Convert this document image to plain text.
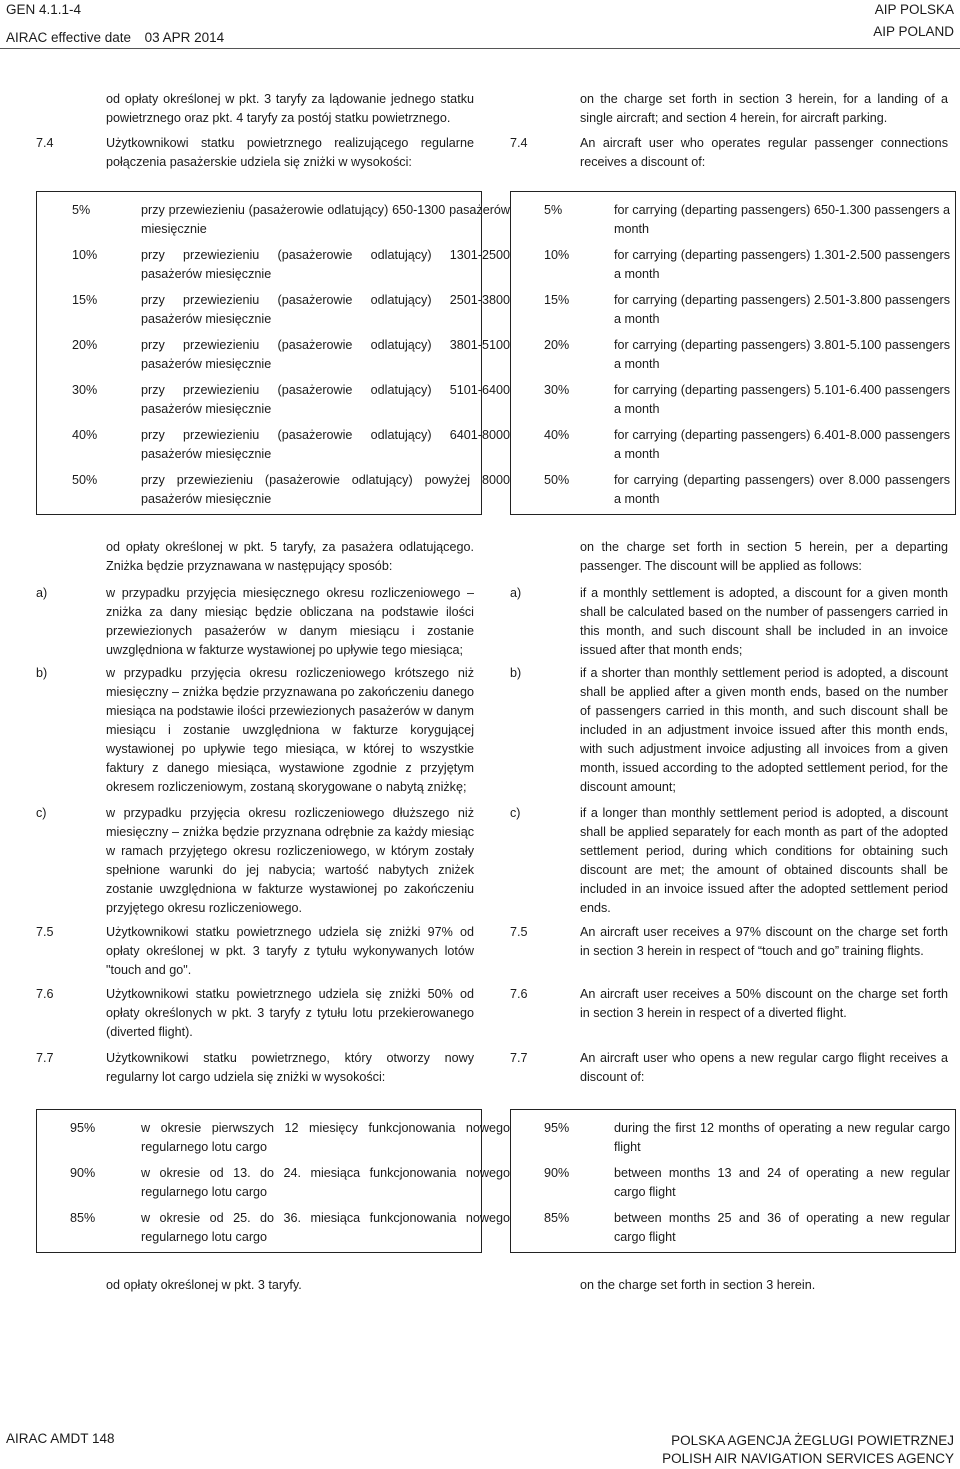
GEN 4.1.1-4
AIRAC effective date 03 APR 2014
AIP POLSKA
AIP POLAND
od opłaty określonej w pkt. 3 taryfy za lądowanie jednego statku powietrznego oraz pkt. 4 taryfy za postój statku powietrznego.
on the charge set forth in section 3 herein, for a landing of a single aircraft; and section 4 herein, for aircraft parking.
7.4	Użytkownikowi statku powietrznego realizującego regularne połączenia pasażerskie udziela się zniżki w wysokości:
7.4	An aircraft user who operates regular passenger connections receives a discount of:
5%	przy przewiezieniu (pasażerowie odlatujący) 650-1300 pasażerów miesięcznie
10%	przy przewiezieniu (pasażerowie odlatujący) 1301-2500 pasażerów miesięcznie
15%	przy przewiezieniu (pasażerowie odlatujący) 2501-3800 pasażerów miesięcznie
20%	przy przewiezieniu (pasażerowie odlatujący) 3801-5100 pasażerów miesięcznie
30%	przy przewiezieniu (pasażerowie odlatujący) 5101-6400 pasażerów miesięcznie
40%	przy przewiezieniu (pasażerowie odlatujący) 6401-8000 pasażerów miesięcznie
50%	przy przewiezieniu (pasażerowie odlatujący) powyżej 8000 pasażerów miesięcznie
5%	for carrying (departing passengers) 650-1.300 passengers a month
10%	for carrying (departing passengers) 1.301-2.500 passengers a month
15%	for carrying (departing passengers) 2.501-3.800 passengers a month
20%	for carrying (departing passengers) 3.801-5.100 passengers a month
30%	for carrying (departing passengers) 5.101-6.400 passengers a month
40%	for carrying (departing passengers) 6.401-8.000 passengers a month
50%	for carrying (departing passengers) over 8.000 passengers a month
od opłaty określonej w pkt. 5 taryfy, za pasażera odlatującego. Zniżka będzie przyznawana w następujący sposób:
on the charge set forth in section 5 herein, per a departing passenger. The discount will be applied as follows:
a)	w przypadku przyjęcia miesięcznego okresu rozliczeniowego – zniżka za dany miesiąc będzie obliczana na podstawie ilości przewiezionych pasażerów w danym miesiącu i zostanie uwzględniona w fakturze wystawionej po upływie tego miesiąca;
b)	w przypadku przyjęcia okresu rozliczeniowego krótszego niż miesięczny – zniżka będzie przyznawana po zakończeniu danego miesiąca na podstawie ilości przewiezionych pasażerów w danym miesiącu i zostanie uwzględniona w fakturze korygującej wystawionej po upływie tego miesiąca, w której to wszystkie faktury z danego miesiąca, wystawione zgodnie z przyjętym okresem rozliczeniowym, zostaną skorygowane o nabytą zniżkę;
c)	w przypadku przyjęcia okresu rozliczeniowego dłuższego niż miesięczny – zniżka będzie przyznana odrębnie za każdy miesiąc w ramach przyjętego okresu rozliczeniowego, w którym zostały spełnione warunki do jej nabycia; wartość nabytych zniżek zostanie uwzględniona w fakturze wystawionej po zakończeniu przyjętego okresu rozliczeniowego.
7.5	Użytkownikowi statku powietrznego udziela się zniżki 97% od opłaty określonej w pkt. 3 taryfy z tytułu wykonywanych lotów "touch and go".
7.6	Użytkownikowi statku powietrznego udziela się zniżki 50% od opłaty określonych w pkt. 3 taryfy z tytułu lotu przekierowanego (diverted flight).
7.7	Użytkownikowi statku powietrznego, który otworzy nowy regularny lot cargo udziela się zniżki w wysokości:
a)	if a monthly settlement is adopted, a discount for a given month shall be calculated based on the number of passengers carried in this month, and such discount shall be included in an invoice issued after that month ends;
b)	if a shorter than monthly settlement period is adopted, a discount shall be applied after a given month ends, based on the number of passengers carried in this month, and such discount shall be included in an adjustment invoice issued after this month ends, with such adjustment invoice adjusting all invoices from a given month, issued according to the adopted settlement period, for the discount amount;
c)	if a longer than monthly settlement period is adopted, a discount shall be applied separately for each month as part of the adopted settlement period, during which conditions for obtaining such discount are met; the amount of obtained discounts shall be included in an invoice issued after the adopted settlement period ends.
7.5	An aircraft user receives a 97% discount on the charge set forth in section 3 herein in respect of “touch and go” training flights.
7.6	An aircraft user receives a 50% discount on the charge set forth in section 3 herein in respect of a diverted flight.
7.7	An aircraft user who opens a new regular cargo flight receives a discount of:
95%	w okresie pierwszych 12 miesięcy funkcjonowania nowego regularnego lotu cargo
90%	w okresie od 13. do 24. miesiąca funkcjonowania nowego regularnego lotu cargo
85%	w okresie od 25. do 36. miesiąca funkcjonowania nowego regularnego lotu cargo
95%	during the first 12 months of operating a new regular cargo flight
90%	between months 13 and 24 of operating a new regular cargo flight
85%	between months 25 and 36 of operating a new regular cargo flight
od opłaty określonej w pkt. 3 taryfy.	on the charge set forth in section 3 herein.
AIRAC AMDT 148	POLSKA AGENCJA ŻEGLUGI POWIETRZNEJ
POLISH AIR NAVIGATION SERVICES AGENCY
